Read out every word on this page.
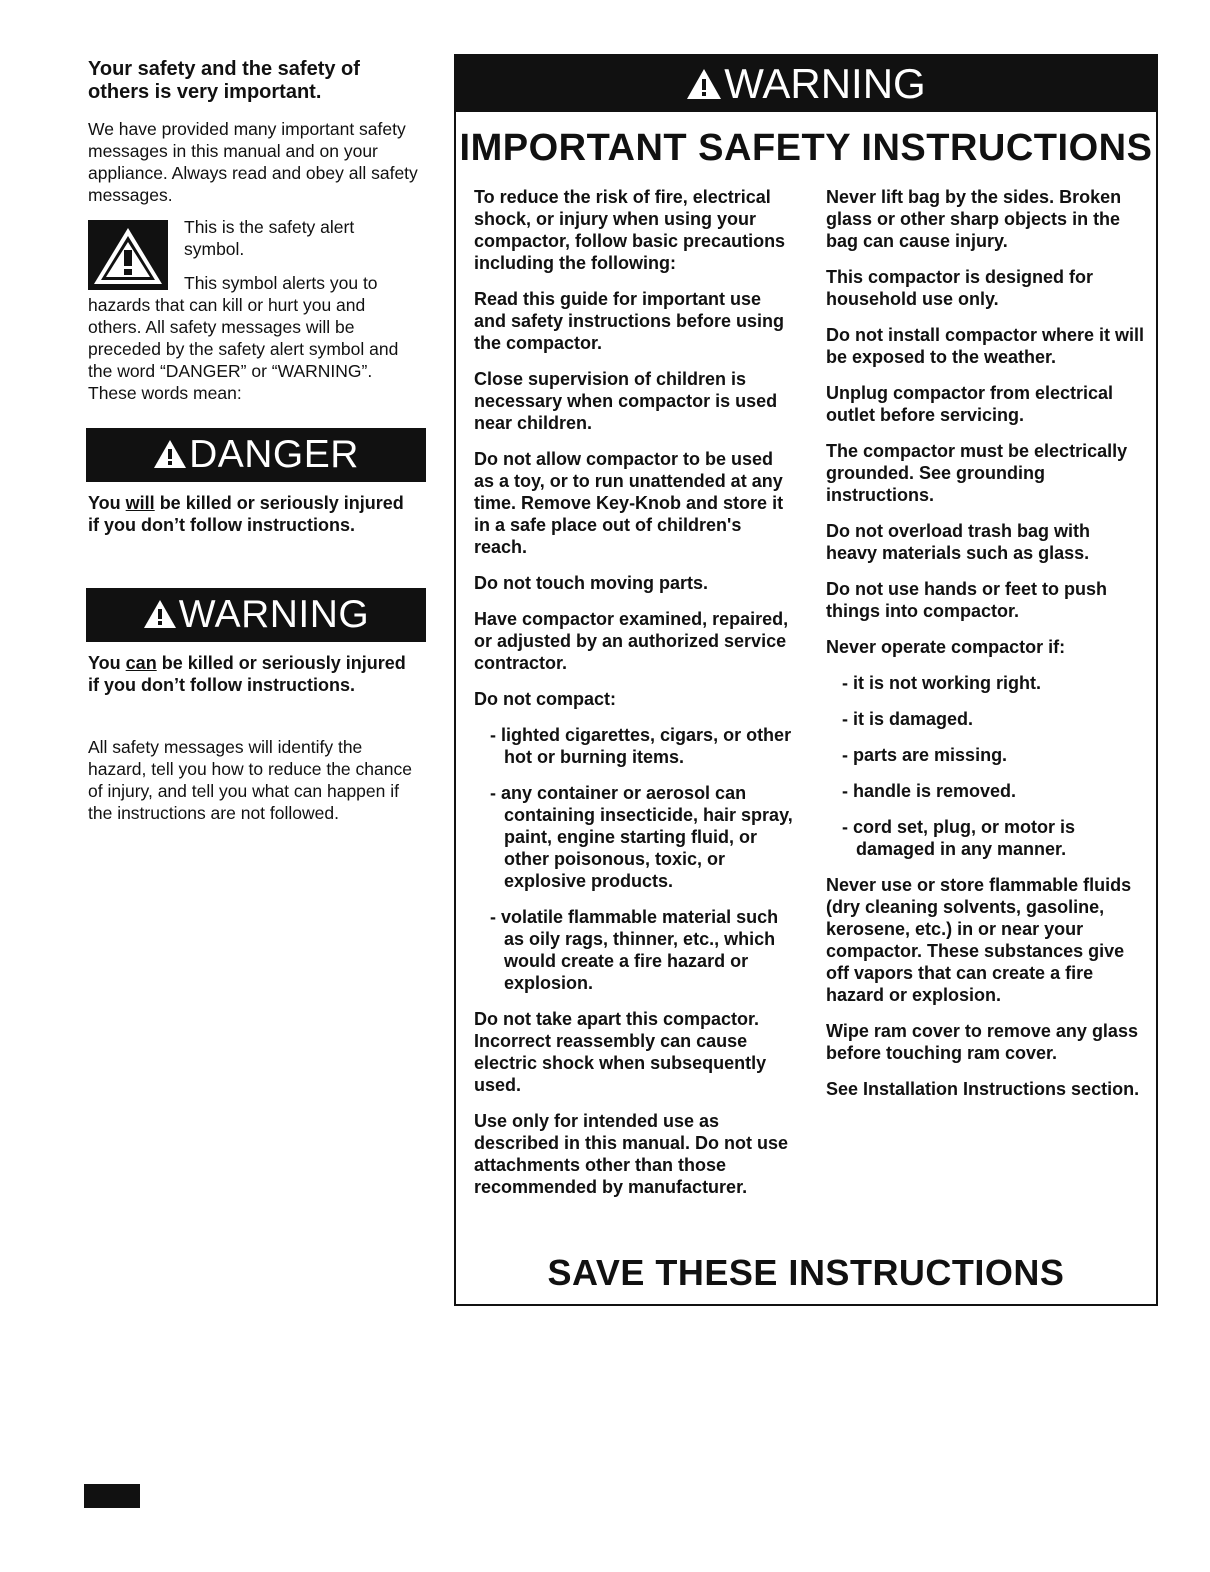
Your safety and the safety of others is very important.

We have provided many important safety messages in this manual and on your appliance. Always read and obey all safety messages.

This is the safety alert symbol.

This symbol alerts you to hazards that can kill or hurt you and others. All safety messages will be preceded by the safety alert symbol and the word “DANGER” or “WARNING”. These words mean:

DANGER

You will be killed or seriously injured if you don’t follow instructions.

WARNING

You can be killed or seriously injured if you don’t follow instructions.

All safety messages will identify the hazard, tell you how to reduce the chance of injury, and tell you what can happen if the instructions are not followed.

WARNING
IMPORTANT SAFETY INSTRUCTIONS

To reduce the risk of fire, electrical shock, or injury when using your compactor, follow basic precautions including the following:

Read this guide for important use and safety instructions before using the compactor.

Close supervision of children is necessary when compactor is used near children.

Do not allow compactor to be used as a toy, or to run unattended at any time. Remove Key-Knob and store it in a safe place out of children's reach.

Do not touch moving parts.

Have compactor examined, repaired, or adjusted by an authorized service contractor.

Do not compact:

- lighted cigarettes, cigars, or other hot or burning items.

- any container or aerosol can containing insecticide, hair spray, paint, engine starting fluid, or other poisonous, toxic, or explosive products.

- volatile flammable material such as oily rags, thinner, etc., which would create a fire hazard or explosion.

Do not take apart this compactor. Incorrect reassembly can cause electric shock when subsequently used.

Use only for intended use as described in this manual. Do not use attachments other than those recommended by manufacturer.

Never lift bag by the sides. Broken glass or other sharp objects in the bag can cause injury.

This compactor is designed for household use only.

Do not install compactor where it will be exposed to the weather.

Unplug compactor from electrical outlet before servicing.

The compactor must be electrically grounded. See grounding instructions.

Do not overload trash bag with heavy materials such as glass.

Do not use hands or feet to push things into compactor.

Never operate compactor if:

- it is not working right.

- it is damaged.

- parts are missing.

- handle is removed.

- cord set, plug, or motor is damaged in any manner.

Never use or store flammable fluids (dry cleaning solvents, gasoline, kerosene, etc.) in or near your compactor. These substances give off vapors that can create a fire hazard or explosion.

Wipe ram cover to remove any glass before touching ram cover.

See Installation Instructions section.

SAVE THESE INSTRUCTIONS
